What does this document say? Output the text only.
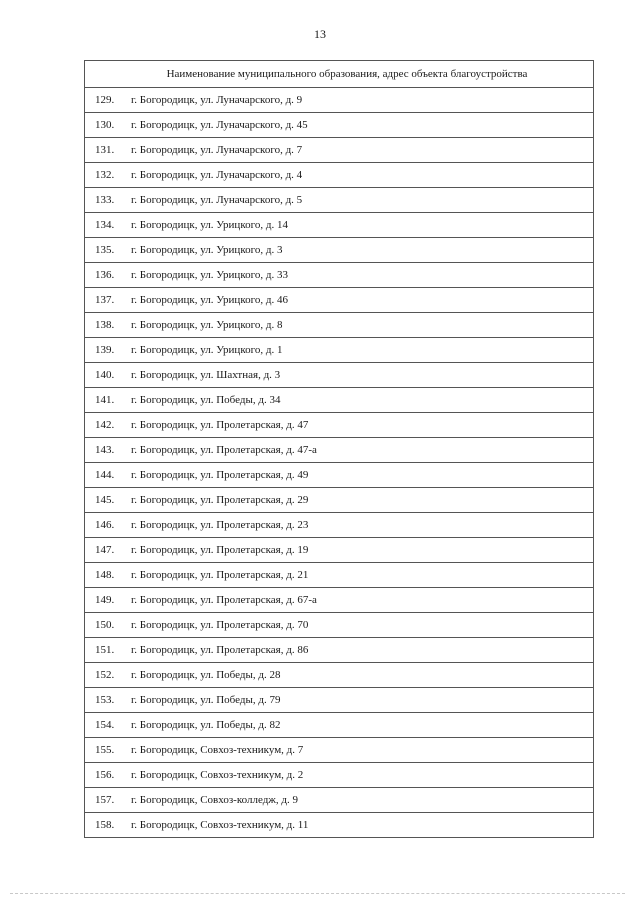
13
Наименование муниципального образования, адрес объекта благоустройства
129. г. Богородицк, ул. Луначарского, д. 9
130. г. Богородицк, ул. Луначарского, д. 45
131. г. Богородицк, ул. Луначарского, д. 7
132. г. Богородицк, ул. Луначарского, д. 4
133. г. Богородицк, ул. Луначарского, д. 5
134. г. Богородицк, ул. Урицкого, д. 14
135. г. Богородицк, ул. Урицкого, д. 3
136. г. Богородицк, ул. Урицкого, д. 33
137. г. Богородицк, ул. Урицкого, д. 46
138. г. Богородицк, ул. Урицкого, д. 8
139. г. Богородицк, ул. Урицкого, д. 1
140. г. Богородицк, ул. Шахтная, д. 3
141. г. Богородицк, ул. Победы, д. 34
142. г. Богородицк, ул. Пролетарская, д. 47
143. г. Богородицк, ул. Пролетарская, д. 47-а
144. г. Богородицк, ул. Пролетарская, д. 49
145. г. Богородицк, ул. Пролетарская, д. 29
146. г. Богородицк, ул. Пролетарская, д. 23
147. г. Богородицк, ул. Пролетарская, д. 19
148. г. Богородицк, ул. Пролетарская, д. 21
149. г. Богородицк, ул. Пролетарская, д. 67-а
150. г. Богородицк, ул. Пролетарская, д. 70
151. г. Богородицк, ул. Пролетарская, д. 86
152. г. Богородицк, ул. Победы, д. 28
153. г. Богородицк, ул. Победы, д. 79
154. г. Богородицк, ул. Победы, д. 82
155. г. Богородицк, Совхоз-техникум, д. 7
156. г. Богородицк, Совхоз-техникум, д. 2
157. г. Богородицк, Совхоз-колледж, д. 9
158. г. Богородицк, Совхоз-техникум, д. 11
